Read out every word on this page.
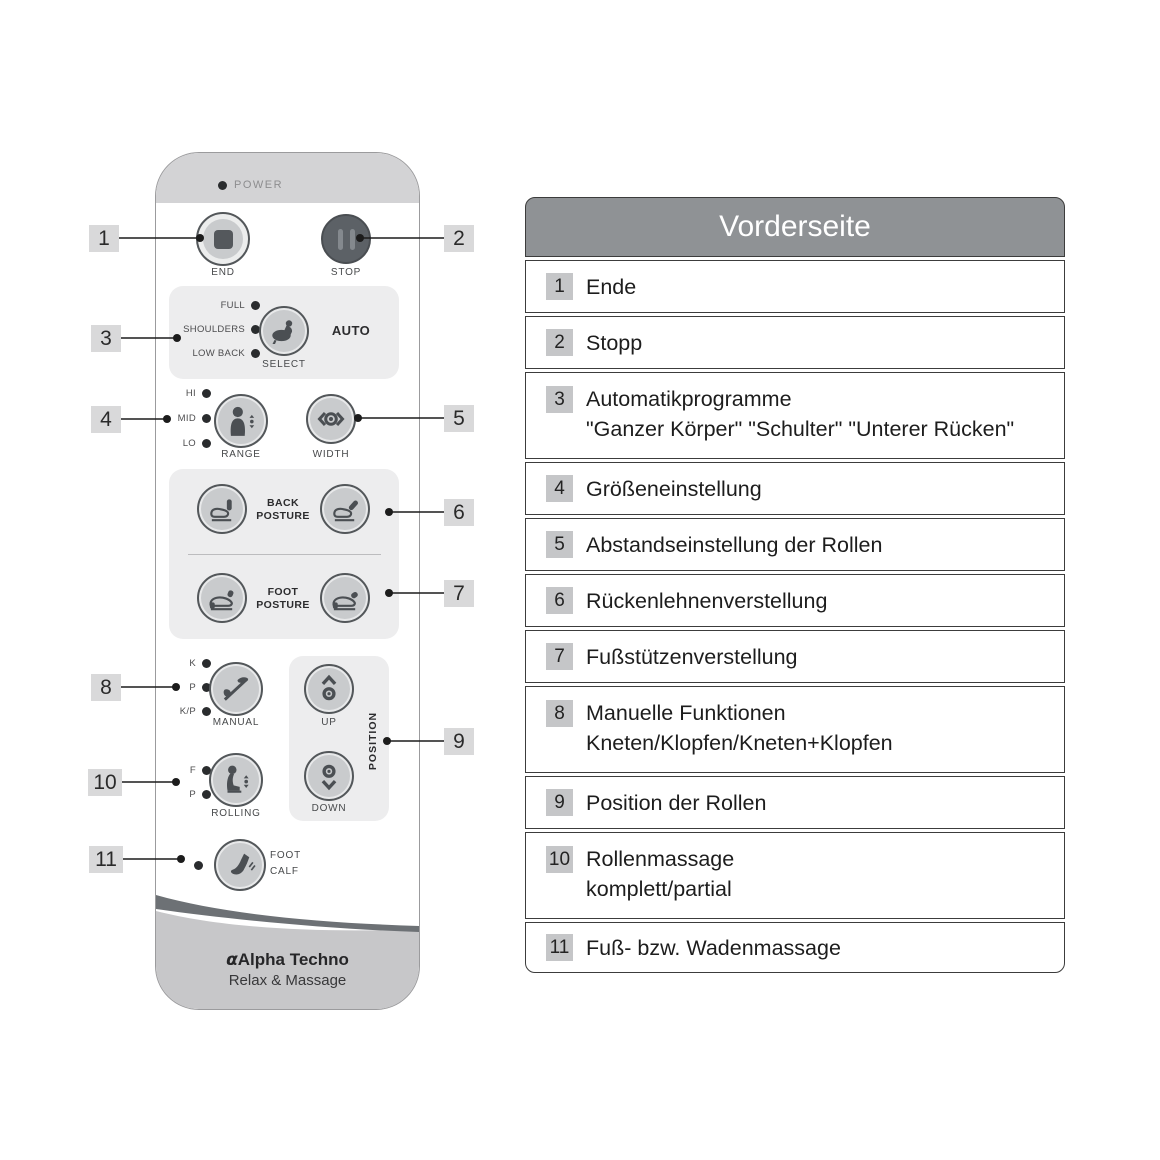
1	2
3
4	5
6
7
8
9
10
11
POWER
END	STOP
FULL
SHOULDERS
LOW BACK
SELECT
AUTO
HI
MID
LO
RANGE	WIDTH
BACK
POSTURE
FOOT
POSTURE
K
P
K/P
MANUAL	UP
DOWN
POSITION
F
P
ROLLING
FOOT
CALF
αAlpha Techno
Relax & Massage
Vorderseite
1 Ende
2 Stopp
3 Automatikprogramme
"Ganzer Körper" "Schulter" "Unterer Rücken"
4 Größeneinstellung
5 Abstandseinstellung der Rollen
6 Rückenlehnenverstellung
7 Fußstützenverstellung
8 Manuelle Funktionen
Kneten/Klopfen/Kneten+Klopfen
9 Position der Rollen
10 Rollenmassage
komplett/partial
11 Fuß- bzw. Wadenmassage
